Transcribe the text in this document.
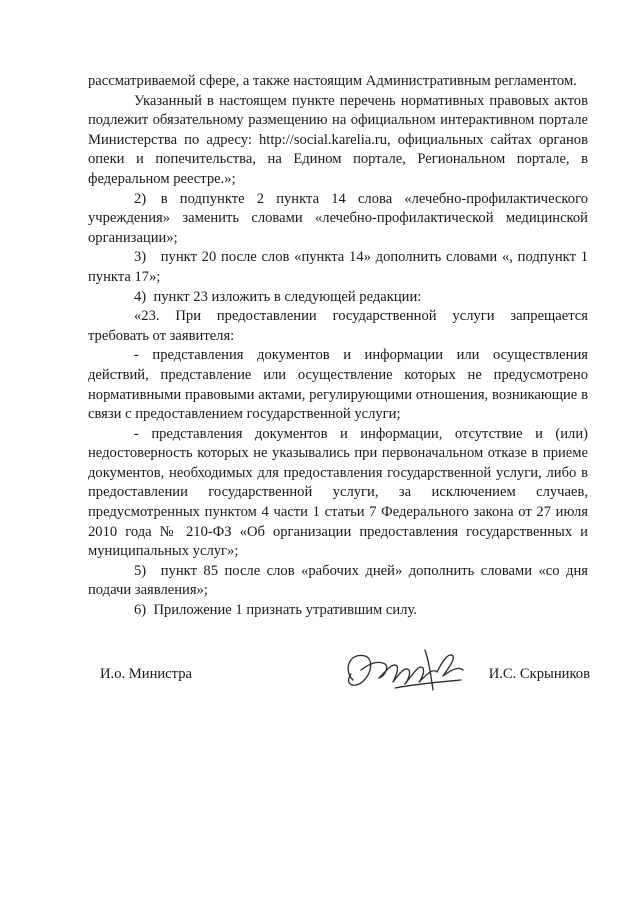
рассматриваемой сфере, а также настоящим Административным регламентом.

Указанный в настоящем пункте перечень нормативных правовых актов подлежит обязательному размещению на официальном интерактивном портале Министерства по адресу: http://social.karelia.ru, официальных сайтах органов опеки и попечительства, на Едином портале, Региональном портале, в федеральном реестре.»;

2) в подпункте 2 пункта 14 слова «лечебно-профилактического учреждения» заменить словами «лечебно-профилактической медицинской организации»;

3) пункт 20 после слов «пункта 14» дополнить словами «, подпункт 1 пункта 17»;

4) пункт 23 изложить в следующей редакции:

«23. При предоставлении государственной услуги запрещается требовать от заявителя:

- представления документов и информации или осуществления действий, представление или осуществление которых не предусмотрено нормативными правовыми актами, регулирующими отношения, возникающие в связи с предоставлением государственной услуги;

- представления документов и информации, отсутствие и (или) недостоверность которых не указывались при первоначальном отказе в приеме документов, необходимых для предоставления государственной услуги, либо в предоставлении государственной услуги, за исключением случаев, предусмотренных пунктом 4 части 1 статьи 7 Федерального закона от 27 июля 2010 года № 210-ФЗ «Об организации предоставления государственных и муниципальных услуг»;

5) пункт 85 после слов «рабочих дней» дополнить словами «со дня подачи заявления»;

6) Приложение 1 признать утратившим силу.

И.о. Министра	И.С. Скрыников
